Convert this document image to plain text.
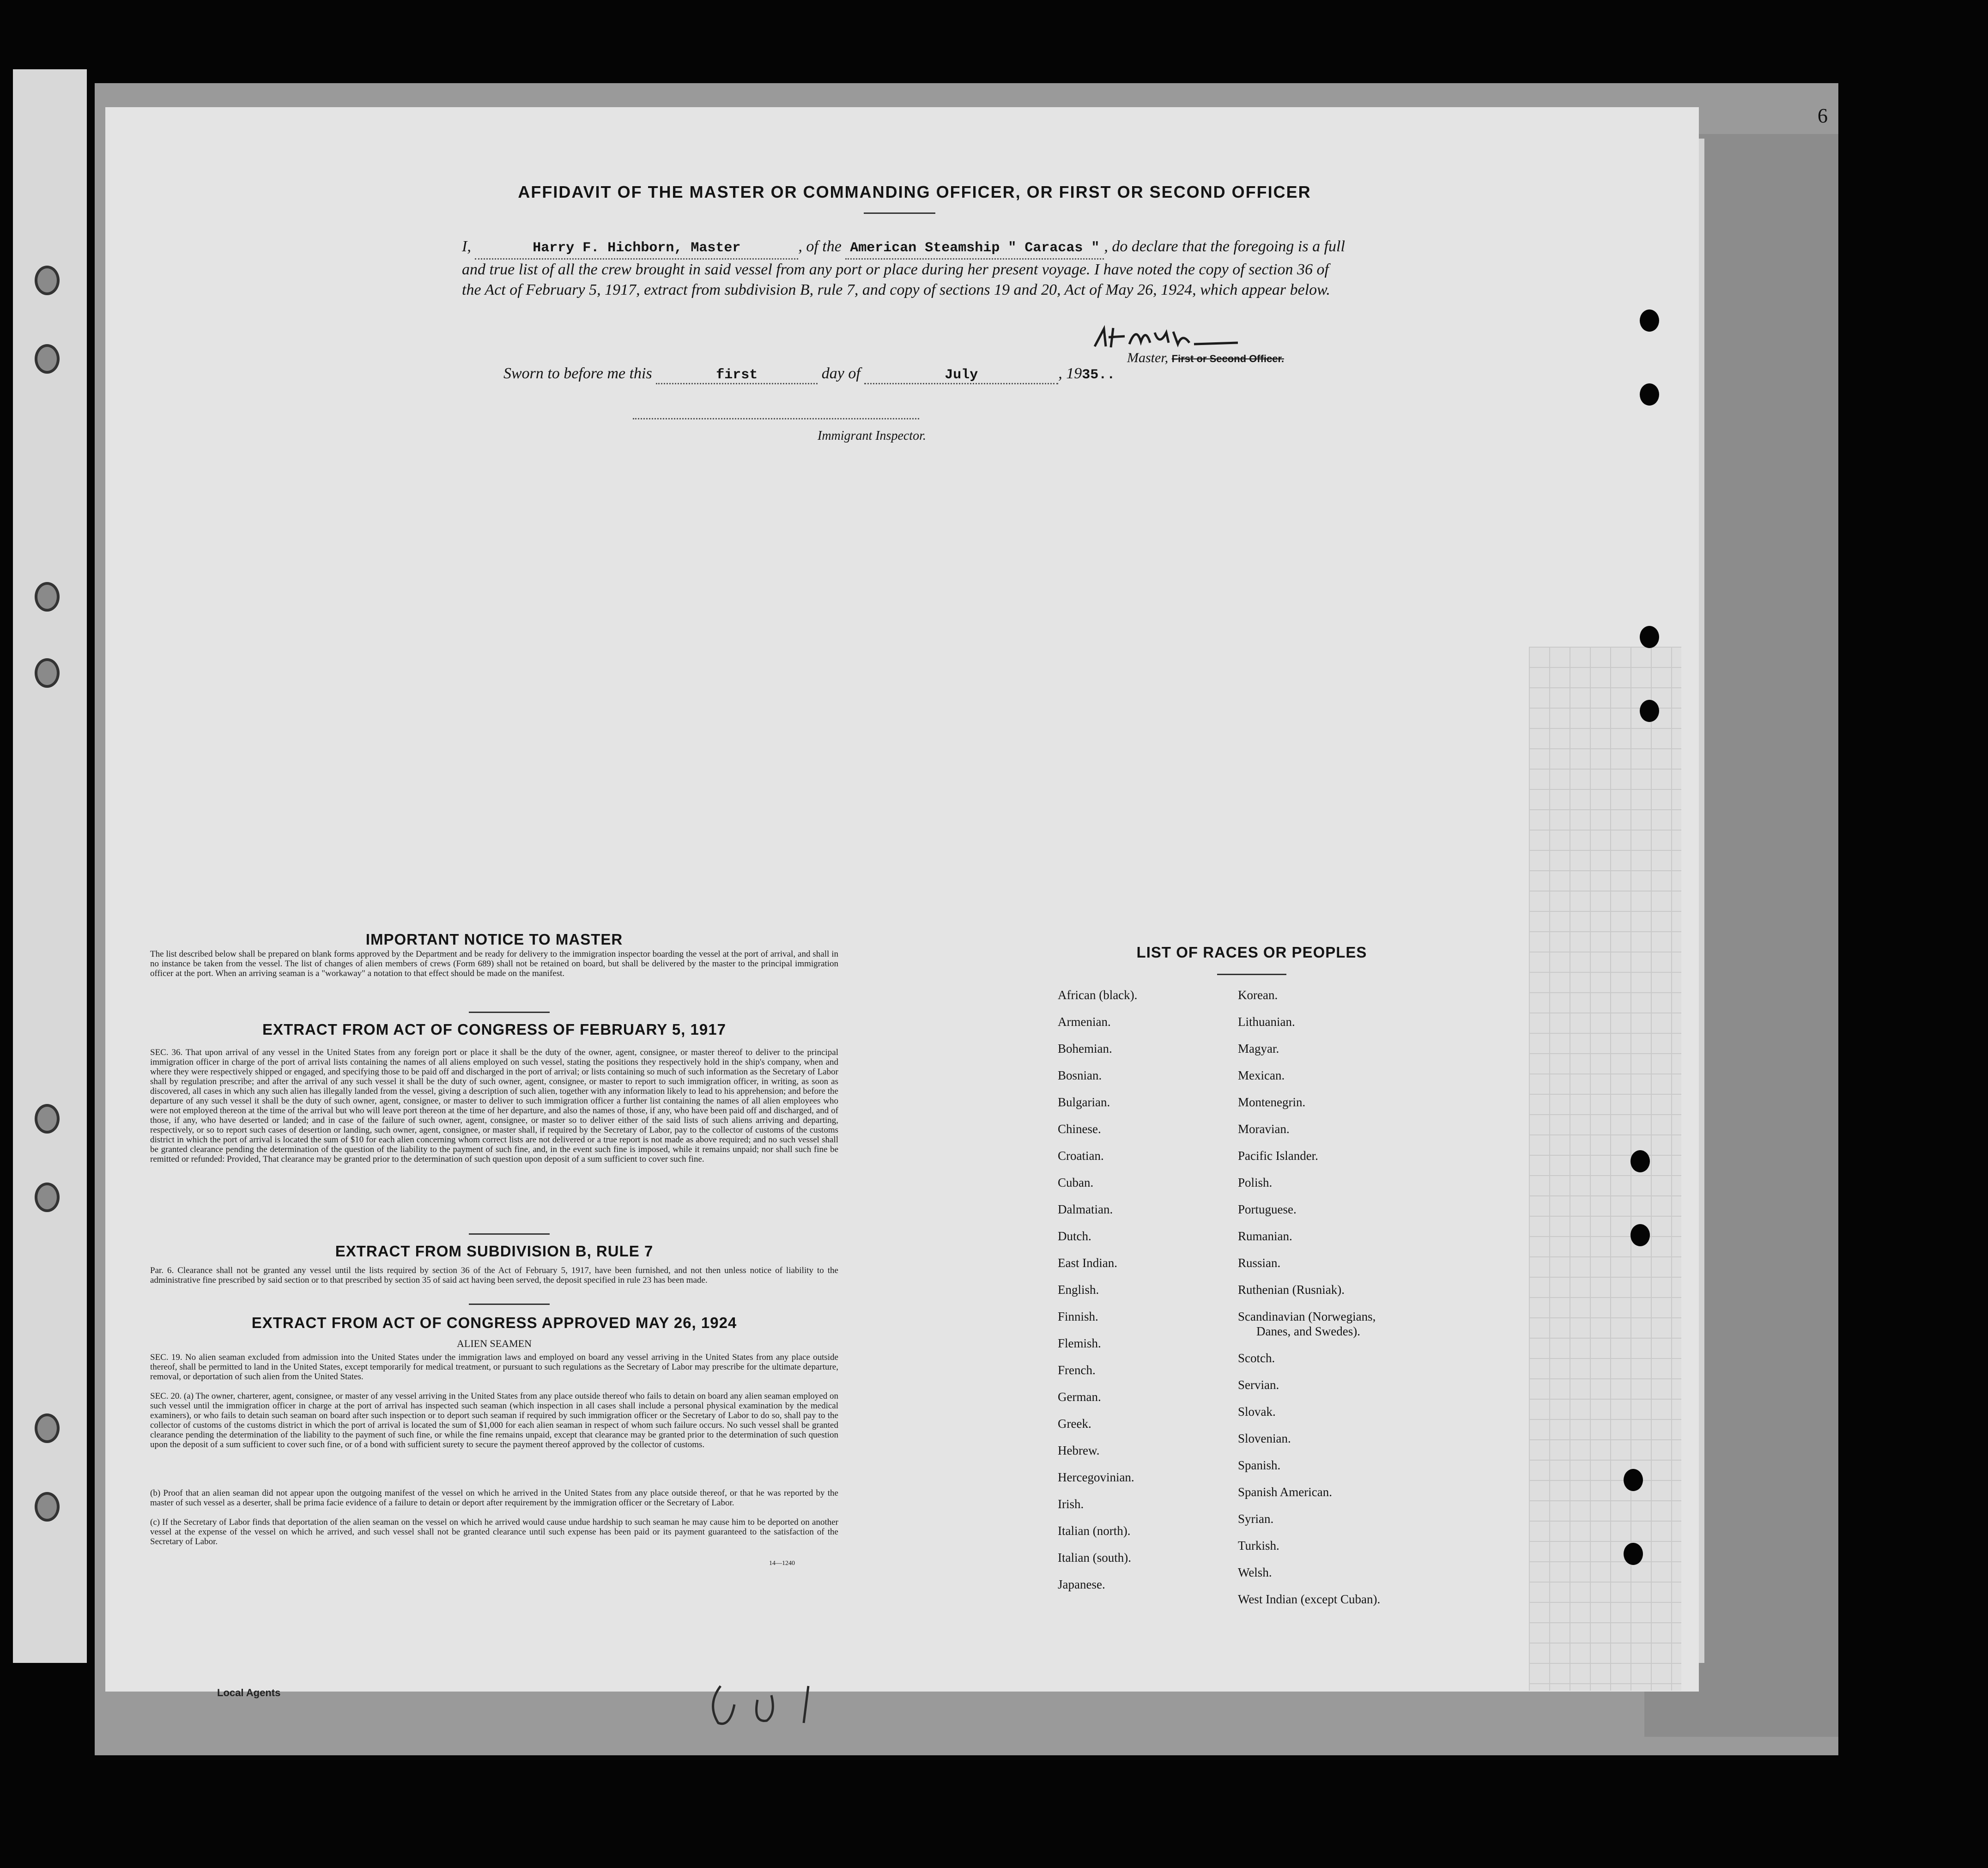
6
AFFIDAVIT OF THE MASTER OR COMMANDING OFFICER, OR FIRST OR SECOND OFFICER
I,	Harry F. Hichborn, Master	, of the American Steamship " Caracas " , do declare that the foregoing is a full and true list of all the crew brought in said vessel from any port or place during her present voyage. I have noted the copy of section 36 of the Act of February 5, 1917, extract from subdivision B, rule 7, and copy of sections 19 and 20, Act of May 26, 1924, which appear below.
Master, First or Second Officer.
Sworn to before me this	first	day of	July	, 1935..
Immigrant Inspector.
IMPORTANT NOTICE TO MASTER
The list described below shall be prepared on blank forms approved by the Department and be ready for delivery to the immigration inspector boarding the vessel at the port of arrival, and shall in no instance be taken from the vessel. The list of changes of alien members of crews (Form 689) shall not be retained on board, but shall be delivered by the master to the principal immigration officer at the port. When an arriving seaman is a "workaway" a notation to that effect should be made on the manifest.
EXTRACT FROM ACT OF CONGRESS OF FEBRUARY 5, 1917
SEC. 36. That upon arrival of any vessel in the United States from any foreign port or place it shall be the duty of the owner, agent, consignee, or master thereof to deliver to the principal immigration officer in charge of the port of arrival lists containing the names of all aliens employed on such vessel, stating the positions they respectively hold in the ship's company, when and where they were respectively shipped or engaged, and specifying those to be paid off and discharged in the port of arrival; or lists containing so much of such information as the Secretary of Labor shall by regulation prescribe; and after the arrival of any such vessel it shall be the duty of such owner, agent, consignee, or master to report to such immigration officer, in writing, as soon as discovered, all cases in which any such alien has illegally landed from the vessel, giving a description of such alien, together with any information likely to lead to his apprehension; and before the departure of any such vessel it shall be the duty of such owner, agent, consignee, or master to deliver to such immigration officer a further list containing the names of all alien employees who were not employed thereon at the time of the arrival but who will leave port thereon at the time of her departure, and also the names of those, if any, who have been paid off and discharged, and of those, if any, who have deserted or landed; and in case of the failure of such owner, agent, consignee, or master so to deliver either of the said lists of such aliens arriving and departing, respectively, or so to report such cases of desertion or landing, such owner, agent, consignee, or master shall, if required by the Secretary of Labor, pay to the collector of customs of the customs district in which the port of arrival is located the sum of $10 for each alien concerning whom correct lists are not delivered or a true report is not made as above required; and no such vessel shall be granted clearance pending the determination of the question of the liability to the payment of such fine, and, in the event such fine is imposed, while it remains unpaid; nor shall such fine be remitted or refunded: Provided, That clearance may be granted prior to the determination of such question upon deposit of a sum sufficient to cover such fine.
EXTRACT FROM SUBDIVISION B, RULE 7
Par. 6. Clearance shall not be granted any vessel until the lists required by section 36 of the Act of February 5, 1917, have been furnished, and not then unless notice of liability to the administrative fine prescribed by said section or to that prescribed by section 35 of said act having been served, the deposit specified in rule 23 has been made.
EXTRACT FROM ACT OF CONGRESS APPROVED MAY 26, 1924
ALIEN SEAMEN
SEC. 19. No alien seaman excluded from admission into the United States under the immigration laws and employed on board any vessel arriving in the United States from any place outside thereof, shall be permitted to land in the United States, except temporarily for medical treatment, or pursuant to such regulations as the Secretary of Labor may prescribe for the ultimate departure, removal, or deportation of such alien from the United States.
SEC. 20. (a) The owner, charterer, agent, consignee, or master of any vessel arriving in the United States from any place outside thereof who fails to detain on board any alien seaman employed on such vessel until the immigration officer in charge at the port of arrival has inspected such seaman (which inspection in all cases shall include a personal physical examination by the medical examiners), or who fails to detain such seaman on board after such inspection or to deport such seaman if required by such immigration officer or the Secretary of Labor to do so, shall pay to the collector of customs of the customs district in which the port of arrival is located the sum of $1,000 for each alien seaman in respect of whom such failure occurs. No such vessel shall be granted clearance pending the determination of the liability to the payment of such fine, or while the fine remains unpaid, except that clearance may be granted prior to the determination of such question upon the deposit of a sum sufficient to cover such fine, or of a bond with sufficient surety to secure the payment thereof approved by the collector of customs.
(b) Proof that an alien seaman did not appear upon the outgoing manifest of the vessel on which he arrived in the United States from any place outside thereof, or that he was reported by the master of such vessel as a deserter, shall be prima facie evidence of a failure to detain or deport after requirement by the immigration officer or the Secretary of Labor.
(c) If the Secretary of Labor finds that deportation of the alien seaman on the vessel on which he arrived would cause undue hardship to such seaman he may cause him to be deported on another vessel at the expense of the vessel on which he arrived, and such vessel shall not be granted clearance until such expense has been paid or its payment guaranteed to the satisfaction of the Secretary of Labor.
14—1240
LIST OF RACES OR PEOPLES
African (black).
Armenian.
Bohemian.
Bosnian.
Bulgarian.
Chinese.
Croatian.
Cuban.
Dalmatian.
Dutch.
East Indian.
English.
Finnish.
Flemish.
French.
German.
Greek.
Hebrew.
Hercegovinian.
Irish.
Italian (north).
Italian (south).
Japanese.
Korean.
Lithuanian.
Magyar.
Mexican.
Montenegrin.
Moravian.
Pacific Islander.
Polish.
Portuguese.
Rumanian.
Russian.
Ruthenian (Rusniak).
Scandinavian (Norwegians,
Danes, and Swedes).
Scotch.
Servian.
Slovak.
Slovenian.
Spanish.
Spanish American.
Syrian.
Turkish.
Welsh.
West Indian (except Cuban).
Local Agents
